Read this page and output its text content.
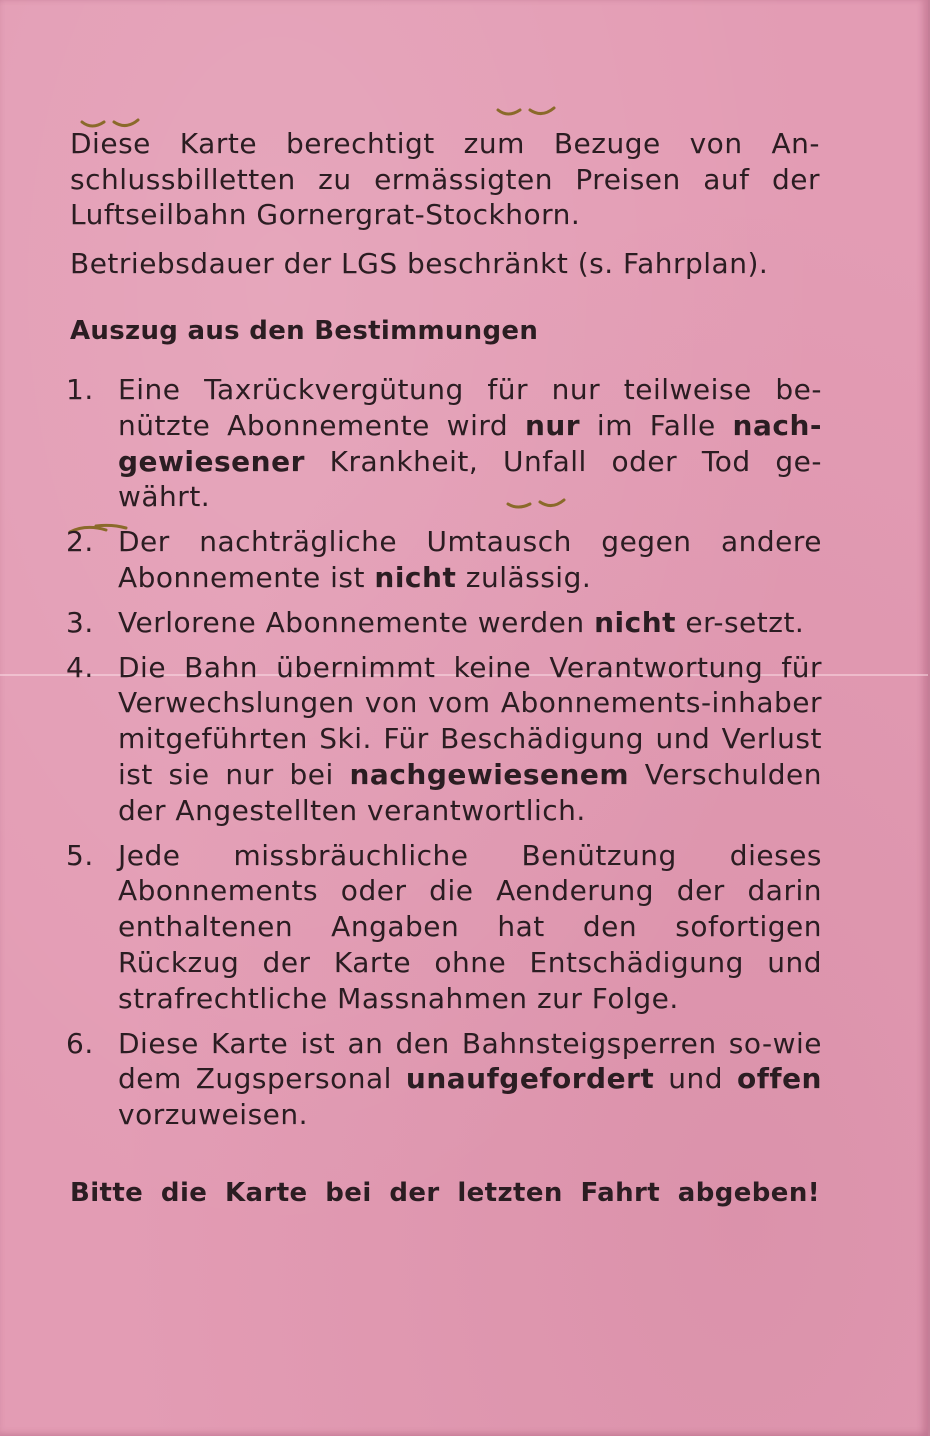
Diese Karte berechtigt zum Bezuge von An-

schlussbilletten zu ermässigten Preisen auf der

Luftseilbahn Gornergrat-Stockhorn.

Betriebsdauer der LGS beschränkt (s. Fahrplan).
Auszug aus den Bestimmungen
1. Eine Taxrückvergütung für nur teilweise be-nützte Abonnemente wird nur im Falle nach-gewiesener Krankheit, Unfall oder Tod ge-währt.
2. Der nachträgliche Umtausch gegen andere Abonnemente ist nicht zulässig.
3. Verlorene Abonnemente werden nicht er-setzt.
4. Die Bahn übernimmt keine Verantwortung für Verwechslungen von vom Abonnements-inhaber mitgeführten Ski. Für Beschädigung und Verlust ist sie nur bei nachgewiesenem Verschulden der Angestellten verantwortlich.
5. Jede missbräuchliche Benützung dieses Abonnements oder die Aenderung der darin enthaltenen Angaben hat den sofortigen Rückzug der Karte ohne Entschädigung und strafrechtliche Massnahmen zur Folge.
6. Diese Karte ist an den Bahnsteigsperren so-wie dem Zugspersonal unaufgefordert und offen vorzuweisen.
Bitte die Karte bei der letzten Fahrt abgeben!
